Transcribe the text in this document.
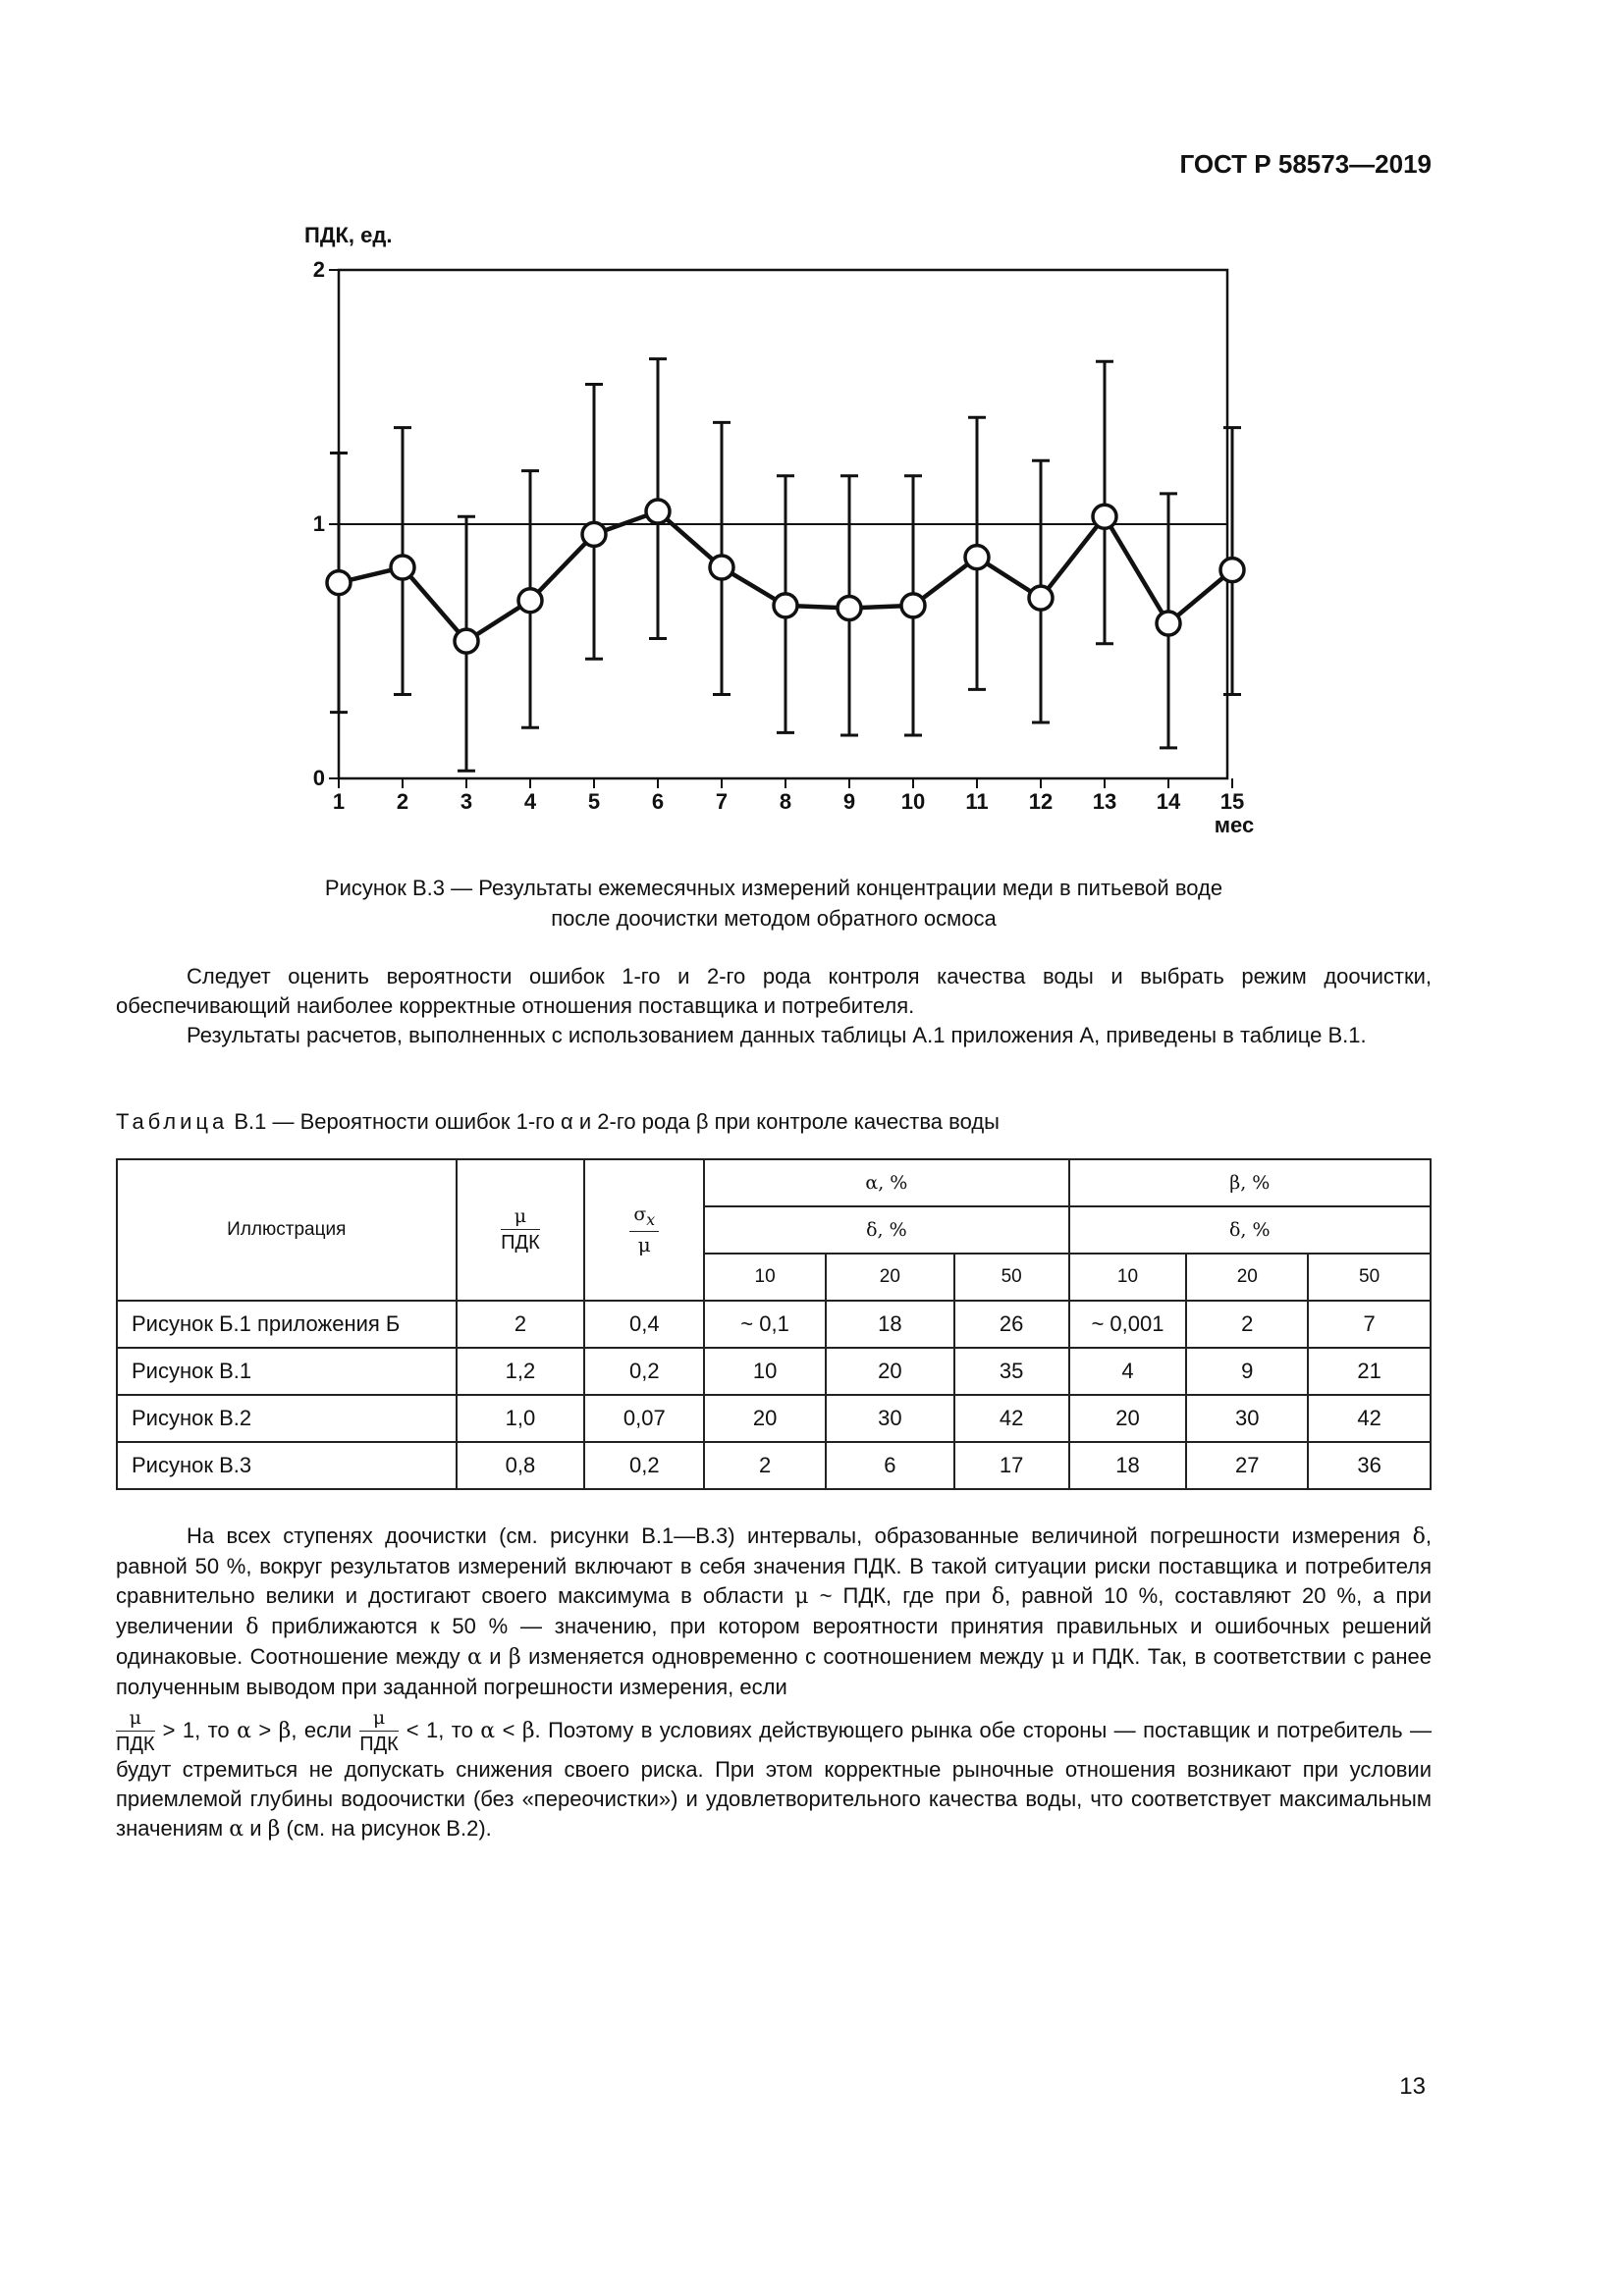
ГОСТ Р 58573—2019
ПДК, ед.
0
1
2
1 2 3 4 5 6 7 8 9 10 11 12 13 14 15
мес
Рисунок В.3 — Результаты ежемесячных измерений концентрации меди в питьевой воде
после доочистки методом обратного осмоса

Следует оценить вероятности ошибок 1-го и 2-го рода контроля качества воды и выбрать режим доочистки, обеспечивающий наиболее корректные отношения поставщика и потребителя.

Результаты расчетов, выполненных с использованием данных таблицы А.1 приложения А, приведены в таблице В.1.

Таблица В.1 — Вероятности ошибок 1-го α и 2-го рода β при контроле качества воды
Иллюстрация	$\frac{\mu}{\text{ПДК}}$	$\frac{\sigma_x}{\mu}$	α, %			β, %		
			δ, %			δ, %		
			10	20	50	10	20	50
Рисунок Б.1 приложения Б	2	0,4	~ 0,1	18	26	~ 0,001	2	7
Рисунок В.1	1,2	0,2	10	20	35	4	9	21
Рисунок В.2	1,0	0,07	20	30	42	20	30	42
Рисунок В.3	0,8	0,2	2	6	17	18	27	36

На всех ступенях доочистки (см. рисунки В.1—В.3) интервалы, образованные величиной погрешности измерения δ, равной 50 %, вокруг результатов измерений включают в себя значения ПДК. В такой ситуации риски поставщика и потребителя сравнительно велики и достигают своего максимума в области μ ~ ПДК, где при δ, равной 10 %, составляют 20 %, а при увеличении δ приближаются к 50 % — значению, при котором вероятности принятия правильных и ошибочных решений одинаковые. Соотношение между α и β изменяется одновременно с соотношением между μ и ПДК. Так, в соответствии с ранее полученным выводом при заданной погрешности измерения, если

$\frac{\mu}{\text{ПДК}} > 1$, то α > β, если $\frac{\mu}{\text{ПДК}} < 1$, то α < β. Поэтому в условиях действующего рынка обе стороны — поставщик и потребитель — будут стремиться не допускать снижения своего риска. При этом корректные рыночные отношения возникают при условии приемлемой глубины водоочистки (без «переочистки») и удовлетворительного качества воды, что соответствует максимальным значениям α и β (см. на рисунок В.2).

13
